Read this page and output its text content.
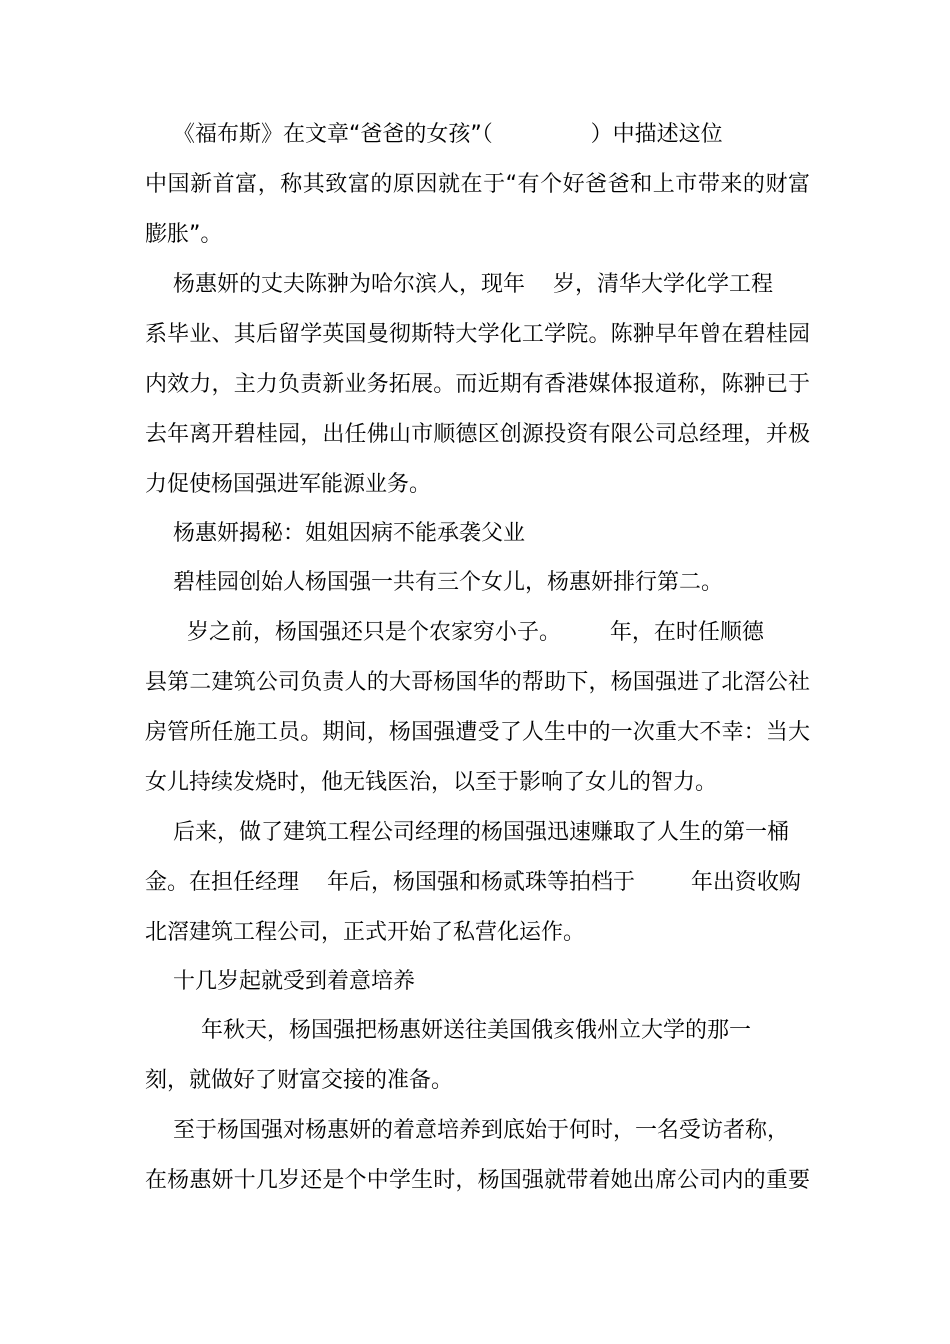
《福布斯》在文章“爸爸的女孩”（              ）中描述这位
中国新首富，称其致富的原因就在于“有个好爸爸和上市带来的财富
膨胀”。
杨惠妍的丈夫陈翀为哈尔滨人，现年    岁，清华大学化学工程
系毕业、其后留学英国曼彻斯特大学化工学院。陈翀早年曾在碧桂园
内效力，主力负责新业务拓展。而近期有香港媒体报道称，陈翀已于
去年离开碧桂园，出任佛山市顺德区创源投资有限公司总经理，并极
力促使杨国强进军能源业务。
杨惠妍揭秘：姐姐因病不能承袭父业
碧桂园创始人杨国强一共有三个女儿，杨惠妍排行第二。
岁之前，杨国强还只是个农家穷小子。       年，在时任顺德
县第二建筑公司负责人的大哥杨国华的帮助下，杨国强进了北滘公社
房管所任施工员。期间，杨国强遭受了人生中的一次重大不幸：当大
女儿持续发烧时，他无钱医治，以至于影响了女儿的智力。
后来，做了建筑工程公司经理的杨国强迅速赚取了人生的第一桶
金。在担任经理    年后，杨国强和杨贰珠等拍档于        年出资收购
北滘建筑工程公司，正式开始了私营化运作。
十几岁起就受到着意培养
年秋天，杨国强把杨惠妍送往美国俄亥俄州立大学的那一
刻，就做好了财富交接的准备。
至于杨国强对杨惠妍的着意培养到底始于何时，一名受访者称，
在杨惠妍十几岁还是个中学生时，杨国强就带着她出席公司内的重要
